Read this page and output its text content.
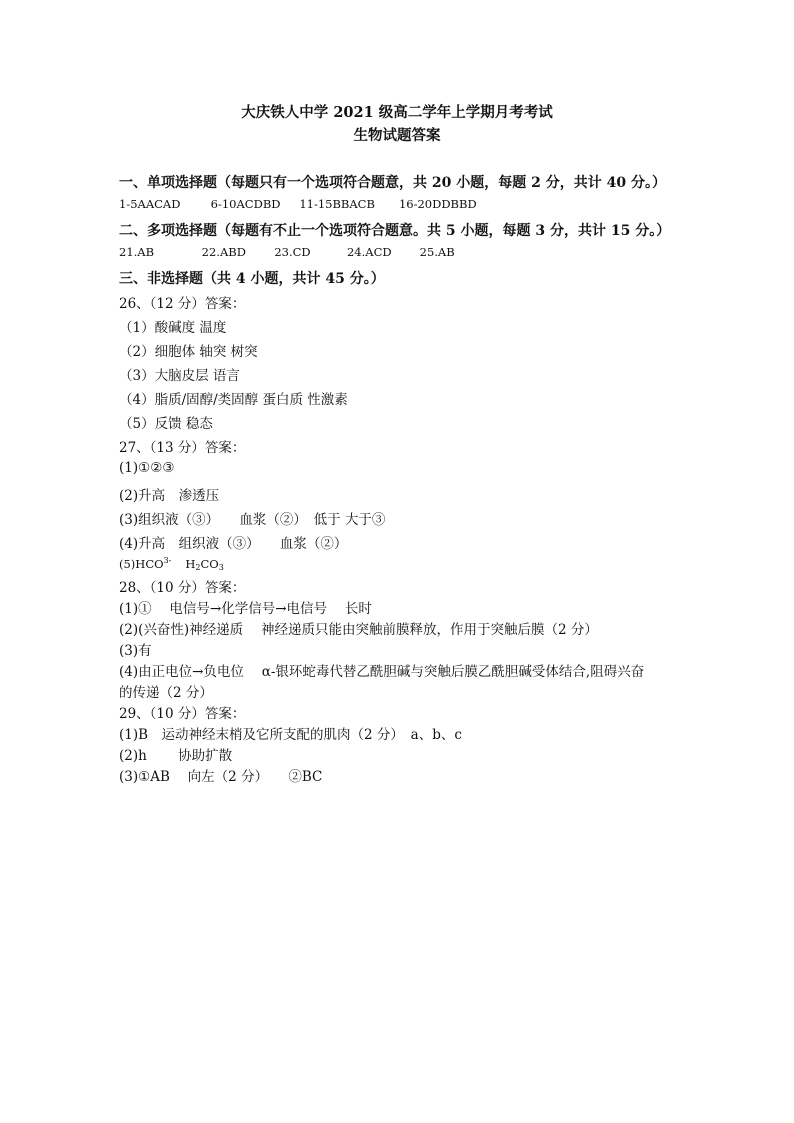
大庆铁人中学 2021 级高二学年上学期月考考试
生物试题答案
一、单项选择题（每题只有一个选项符合题意，共 20 小题，每题 2 分，共计 40 分。）
1-5AACAD	6-10ACDBD 11-15BBACB 16-20DDBBD
二、多项选择题（每题有不止一个选项符合题意。共 5 小题，每题 3 分，共计 15 分。）
21.AB	22.ABD 23.CD	24.ACD 25.AB
三、非选择题（共 4 小题，共计 45 分。）
26、（12 分）答案：
（1）酸碱度 温度
（2）细胞体 轴突 树突
（3）大脑皮层 语言
（4）脂质/固醇/类固醇 蛋白质 性激素
（5）反馈 稳态
27、（13 分）答案：
(1)①②③
(2)升高　渗透压
(3)组织液（③）　　血浆（②）　低于 大于③
(4)升高　组织液（③）　　血浆（②）
$(5)HCO^{3-}$ $H_2CO_3$
28、（10 分）答案：
(1)①　 电信号→化学信号→电信号　 长时
(2)(兴奋性)神经递质　 神经递质只能由突触前膜释放，作用于突触后膜（2 分）
(3)有
(4)由正电位→负电位　 α-银环蛇毒代替乙酰胆碱与突触后膜乙酰胆碱受体结合,阻碍兴奋
的传递（2 分）
29、（10 分）答案：
(1)B　运动神经末梢及它所支配的肌肉（2 分）　a、b、c
(2)h　　 协助扩散
(3)①AB　 向左（2 分）　　②BC
